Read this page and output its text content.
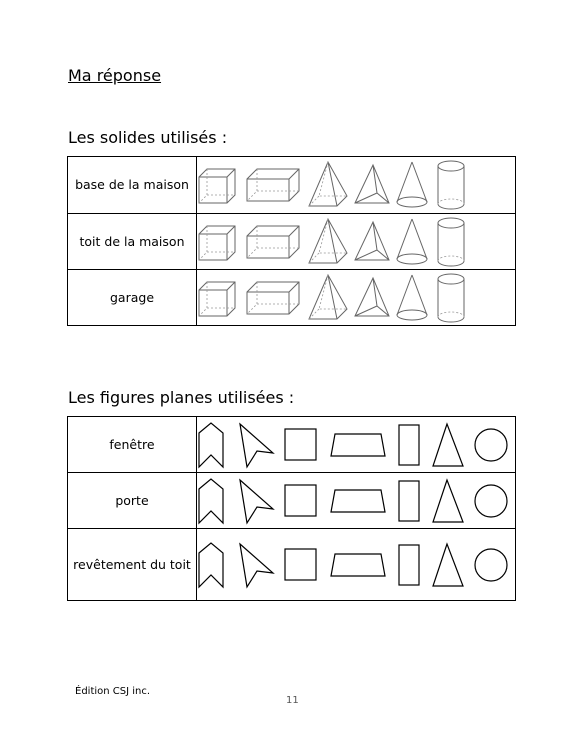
Ma réponse
Les solides utilisés :
base de la maison	
toit de la maison	
garage	
Les figures planes utilisées :
fenêtre	
porte	
revêtement du toit	
Édition CSJ inc.
11
